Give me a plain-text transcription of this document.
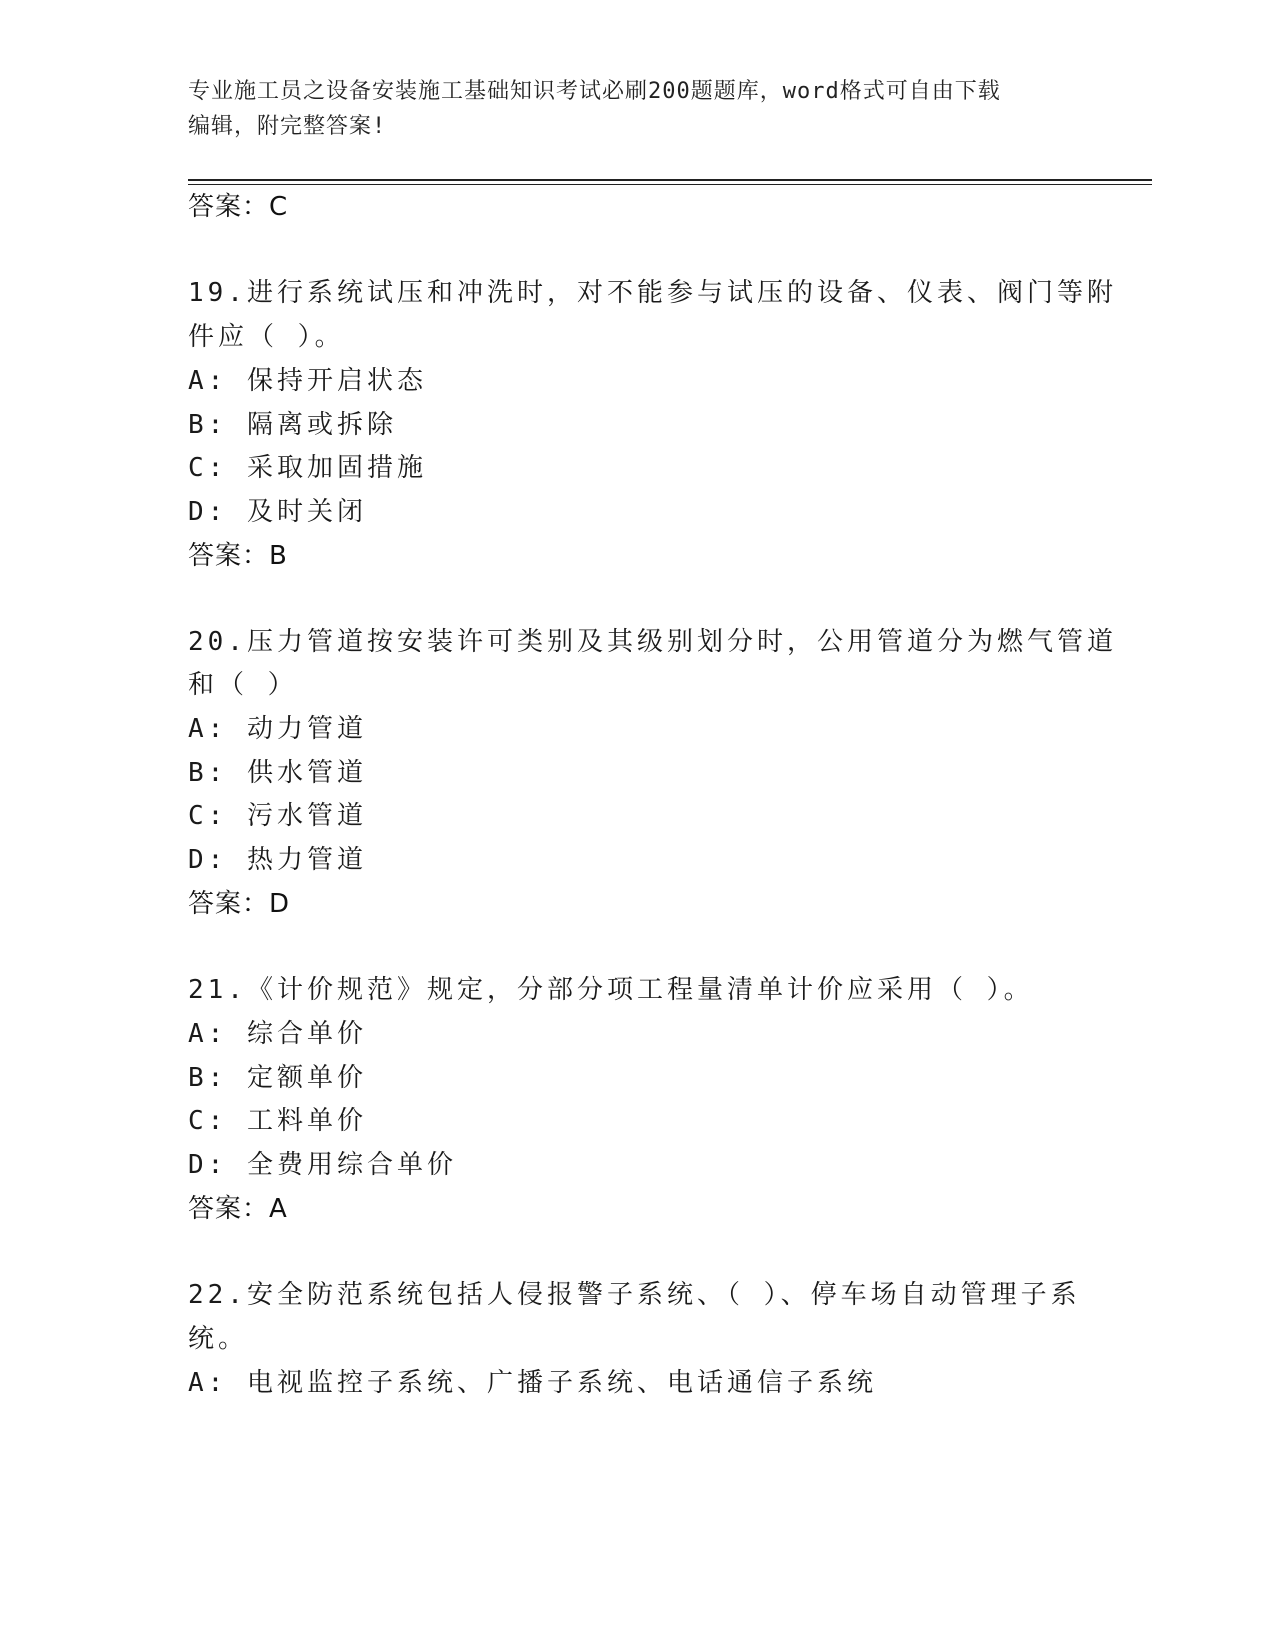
专业施工员之设备安装施工基础知识考试必刷200题题库，word格式可自由下载
编辑，附完整答案!
答案：C
19.进行系统试压和冲洗时，对不能参与试压的设备、仪表、阀门等附
件应（ ）。
A: 保持开启状态
B: 隔离或拆除
C: 采取加固措施
D: 及时关闭
答案：B
20.压力管道按安装许可类别及其级别划分时，公用管道分为燃气管道
和（ ）
A: 动力管道
B: 供水管道
C: 污水管道
D: 热力管道
答案：D
21.《计价规范》规定，分部分项工程量清单计价应采用（ ）。
A: 综合单价
B: 定额单价
C: 工料单价
D: 全费用综合单价
答案：A
22.安全防范系统包括人侵报警子系统、（ ）、停车场自动管理子系
统。
A: 电视监控子系统、广播子系统、电话通信子系统
